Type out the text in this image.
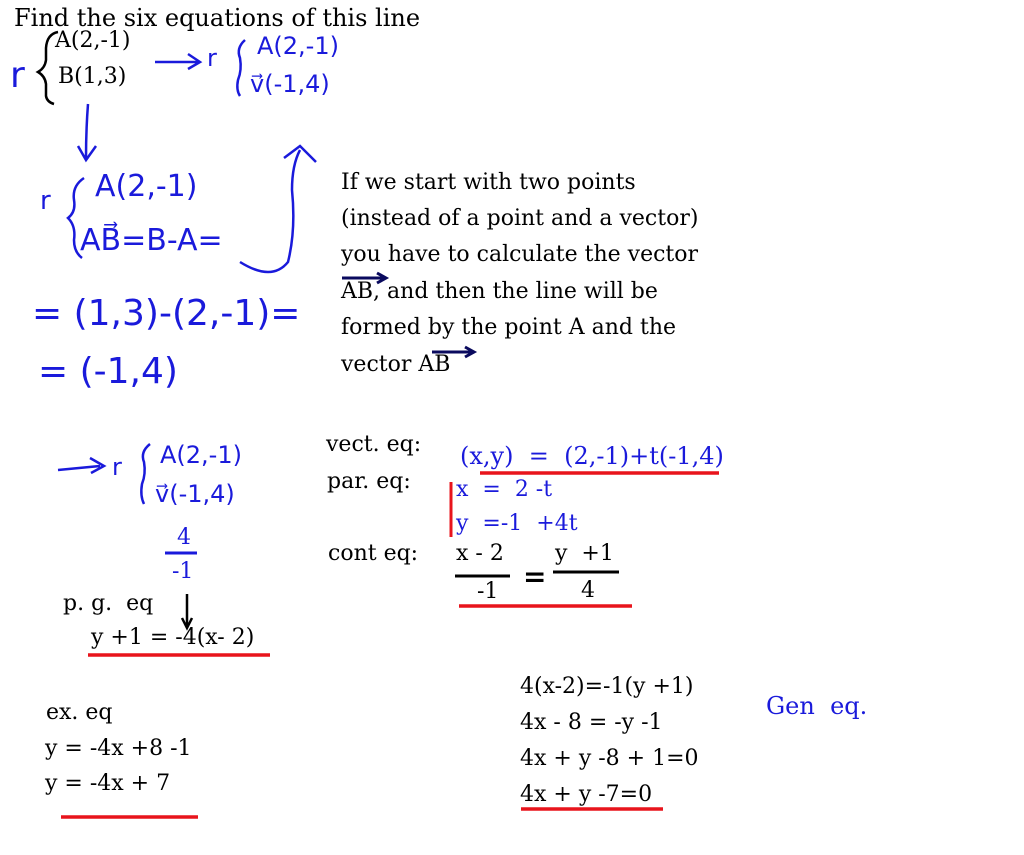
Find the six equations of this line
A(2,-1)
B(1,3)
r	r A(2,-1)
v⃗(-1,4)
r A(2,-1)
AB⃗=B-A=
= (1,3)-(2,-1)=
= (-1,4)
r A(2,-1)
v⃗(-1,4)
4
-1
If we start with two points
(instead of a point and a vector)
you have to calculate the vector
AB, and then the line will be
formed by the point A and the
vector AB
vect. eq: (x,y)  =  (2,-1)+t(-1,4)
par. eq: x  =  2 -t
y  =-1  +4t
cont eq: x - 2
-1 =
y  +1
4
p. g.  eq
y +1 = -4(x- 2)
ex. eq
y = -4x +8 -1
y = -4x + 7
4(x-2)=-1(y +1)
4x - 8 = -y -1
4x + y -8 + 1=0
4x + y -7=0
Gen  eq.
